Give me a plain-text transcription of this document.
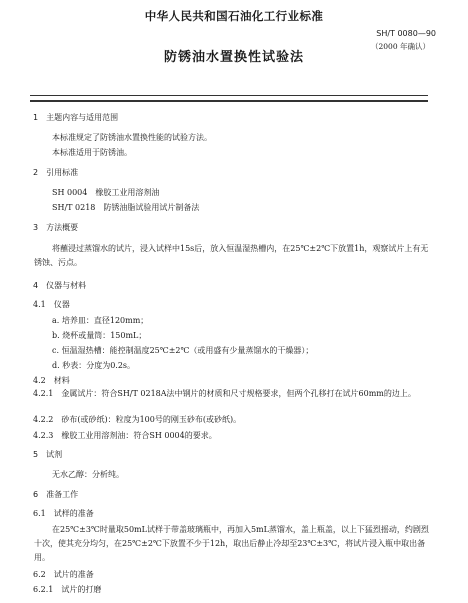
中华人民共和国石油化工行业标准
SH/T 0080—90
（2000 年确认）
防锈油水置换性试验法
1　主题内容与适用范围
本标准规定了防锈油水置换性能的试验方法。
本标准适用于防锈油。
2　引用标准
SH 0004　橡胶工业用溶剂油
SH/T 0218　防锈油脂试验用试片制备法
3　方法概要
将蘸浸过蒸馏水的试片，浸入试样中15s后，放入恒温湿热槽内，在25℃±2℃下放置1h，观察试片上有无锈蚀、污点。
4　仪器与材料
4.1　仪器
a. 培养皿：直径120mm；
b. 烧杯或量筒：150mL；
c. 恒温湿热槽：能控制温度25℃±2℃（或用盛有少量蒸馏水的干燥器）；
d. 秒表：分度为0.2s。
4.2　材料
4.2.1　金属试片：符合SH/T 0218A法中钢片的材质和尺寸规格要求，但两个孔移打在试片60mm的边上。
4.2.2　砂布(或砂纸)：粒度为100号的刚玉砂布(或砂纸)。
4.2.3　橡胶工业用溶剂油：符合SH 0004的要求。
5　试剂
无水乙醇：分析纯。
6　准备工作
6.1　试样的准备
在25℃±3℃时量取50mL试样于带盖玻璃瓶中，再加入5mL蒸馏水，盖上瓶盖，以上下猛烈摇动，约剧烈十次，使其充分均匀，在25℃±2℃下放置不少于12h，取出后静止冷却至23℃±3℃，将试片浸入瓶中取出备用。
6.2　试片的准备
6.2.1　试片的打磨
